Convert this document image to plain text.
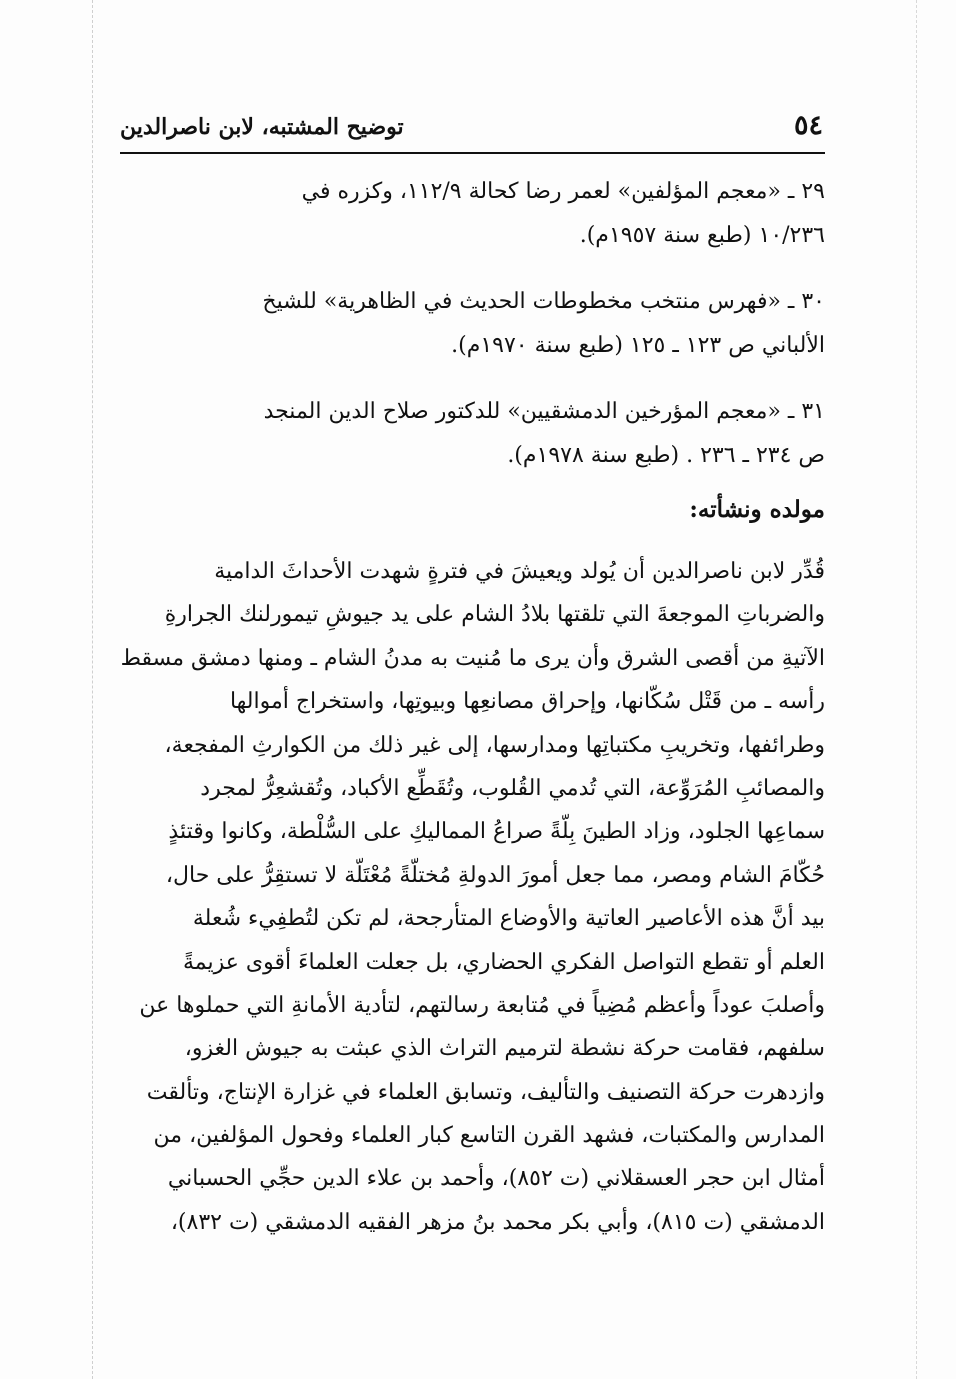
توضيح المشتبه، لابن ناصرالدين	٥٤
٢٩ ـ «معجم المؤلفين» لعمر رضا كحالة ١١٢/٩، وكزره في
١٠/٢٣٦ (طبع سنة ١٩٥٧م).
٣٠ ـ «فهرس منتخب مخطوطات الحديث في الظاهرية» للشيخ
الألباني ص ١٢٣ ـ ١٢٥ (طبع سنة ١٩٧٠م).
٣١ ـ «معجم المؤرخين الدمشقيين» للدكتور صلاح الدين المنجد
ص ٢٣٤ ـ ٢٣٦ . (طبع سنة ١٩٧٨م).
مولده ونشأته:
قُدِّر لابن ناصرالدين أن يُولد ويعيشَ في فترةٍ شهدت الأحداثَ الدامية
والضرباتِ الموجعةَ التي تلقتها بلادُ الشام على يد جيوشِ تيمورلنك الجرارةِ
الآتيةِ من أقصى الشرق وأن يرى ما مُنيت به مدنُ الشام ـ ومنها دمشق مسقط
رأسه ـ من قَتْل سُكّانها، وإحراق مصانعِها وبيوتِها، واستخراج أموالها
وطرائفها، وتخريبِ مكتباتِها ومدارسها، إلى غير ذلك من الكوارثِ المفجعة،
والمصائبِ المُرَوِّعة، التي تُدمي القُلوب، وتُقَطِّع الأكباد، وتُقشعِرُّ لمجرد
سماعِها الجلود، وزاد الطينَ بِلّةً صراعُ المماليكِ على السُّلْطة، وكانوا وقتئذٍ
حُكّامَ الشام ومصر، مما جعل أمورَ الدولةِ مُختلّةً مُعْتَلّة لا تستقِرُّ على حال،
بيد أنَّ هذه الأعاصير العاتية والأوضاع المتأرجحة، لم تكن لتُطفِيء شُعلة
العلم أو تقطع التواصل الفكري الحضاري، بل جعلت العلماءَ أقوى عزيمةً
وأصلبَ عوداً وأعظم مُضِياً في مُتابعة رسالتهم، لتأدية الأمانةِ التي حملوها عن
سلفهم، فقامت حركة نشطة لترميم التراث الذي عبثت به جيوش الغزو،
وازدهرت حركة التصنيف والتأليف، وتسابق العلماء في غزارة الإنتاج، وتألقت
المدارس والمكتبات، فشهد القرن التاسع كبار العلماء وفحول المؤلفين، من
أمثال ابن حجر العسقلاني (ت ٨٥٢)، وأحمد بن علاء الدين حجِّي الحسباني
الدمشقي (ت ٨١٥)، وأبي بكر محمد بنُ مزهر الفقيه الدمشقي (ت ٨٣٢)،
